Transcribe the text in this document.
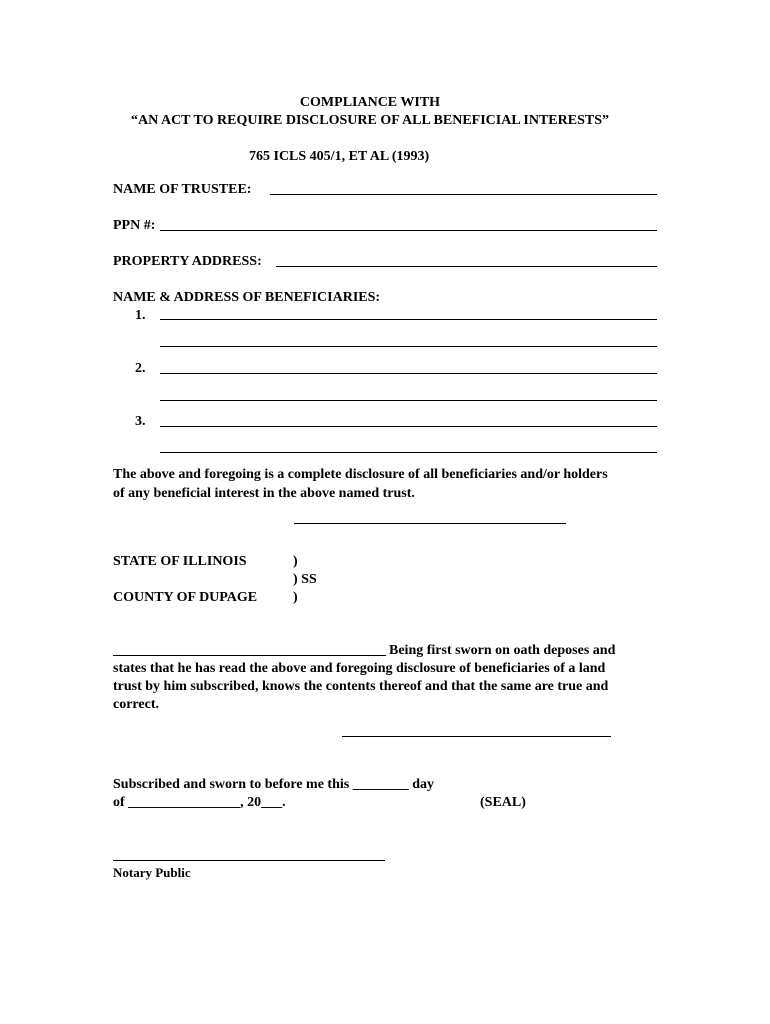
COMPLIANCE WITH
“AN ACT TO REQUIRE DISCLOSURE OF ALL BENEFICIAL INTERESTS”
765 ICLS 405/1, ET AL (1993)
NAME OF TRUSTEE:
PPN #:
PROPERTY ADDRESS:
NAME & ADDRESS OF BENEFICIARIES:
1.
2.
3.
The above and foregoing is a complete disclosure of all beneficiaries and/or holders
of any beneficial interest in the above named trust.
STATE OF ILLINOIS	)
) SS
COUNTY OF DUPAGE	)
Being first sworn on oath deposes and
states that he has read the above and foregoing disclosure of beneficiaries of a land
trust by him subscribed, knows the contents thereof and that the same are true and
correct.
Subscribed and sworn to before me this ________ day
of ________________, 20___.	(SEAL)
Notary Public
